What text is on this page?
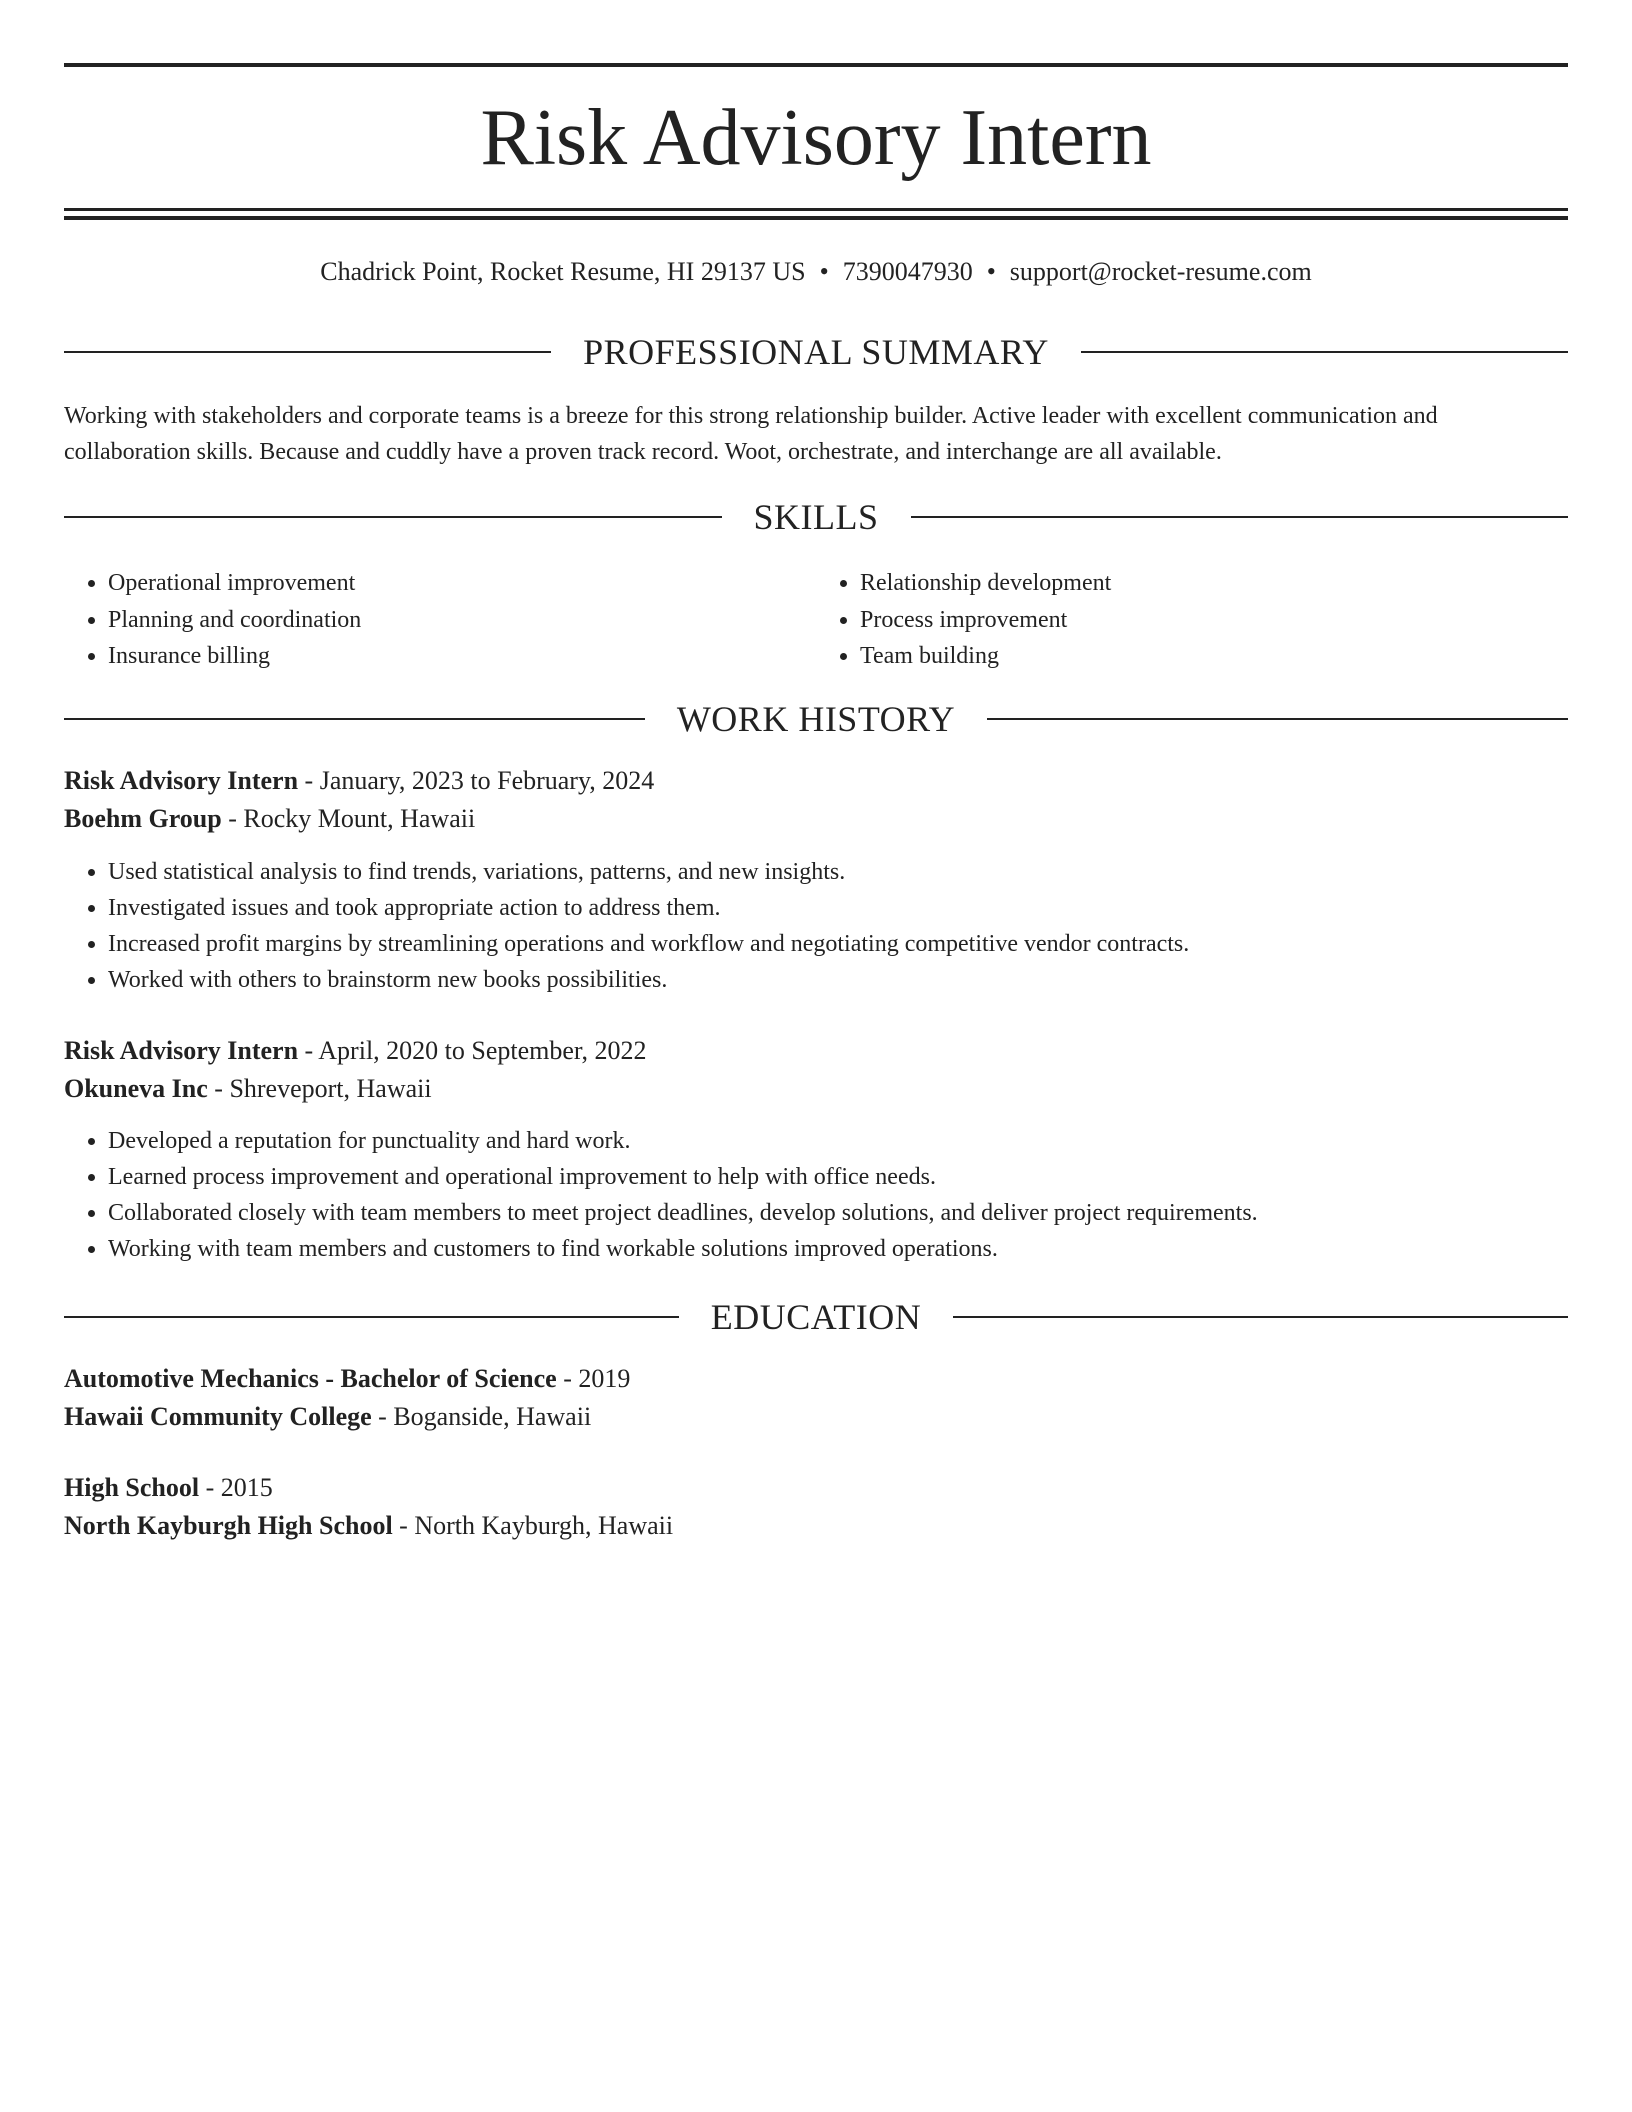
Risk Advisory Intern
Chadrick Point, Rocket Resume, HI 29137 US • 7390047930 • support@rocket-resume.com
PROFESSIONAL SUMMARY

Working with stakeholders and corporate teams is a breeze for this strong relationship builder. Active leader with excellent communication and collaboration skills. Because and cuddly have a proven track record. Woot, orchestrate, and interchange are all available.

SKILLS
• Operational improvement
• Planning and coordination
• Insurance billing
• Relationship development
• Process improvement
• Team building
WORK HISTORY
Risk Advisory Intern - January, 2023 to February, 2024
Boehm Group - Rocky Mount, Hawaii
• Used statistical analysis to find trends, variations, patterns, and new insights.
• Investigated issues and took appropriate action to address them.
• Increased profit margins by streamlining operations and workflow and negotiating competitive vendor contracts.
• Worked with others to brainstorm new books possibilities.
Risk Advisory Intern - April, 2020 to September, 2022
Okuneva Inc - Shreveport, Hawaii
• Developed a reputation for punctuality and hard work.
• Learned process improvement and operational improvement to help with office needs.
• Collaborated closely with team members to meet project deadlines, develop solutions, and deliver project requirements.
• Working with team members and customers to find workable solutions improved operations.
EDUCATION
Automotive Mechanics - Bachelor of Science - 2019
Hawaii Community College - Boganside, Hawaii
High School - 2015
North Kayburgh High School - North Kayburgh, Hawaii
